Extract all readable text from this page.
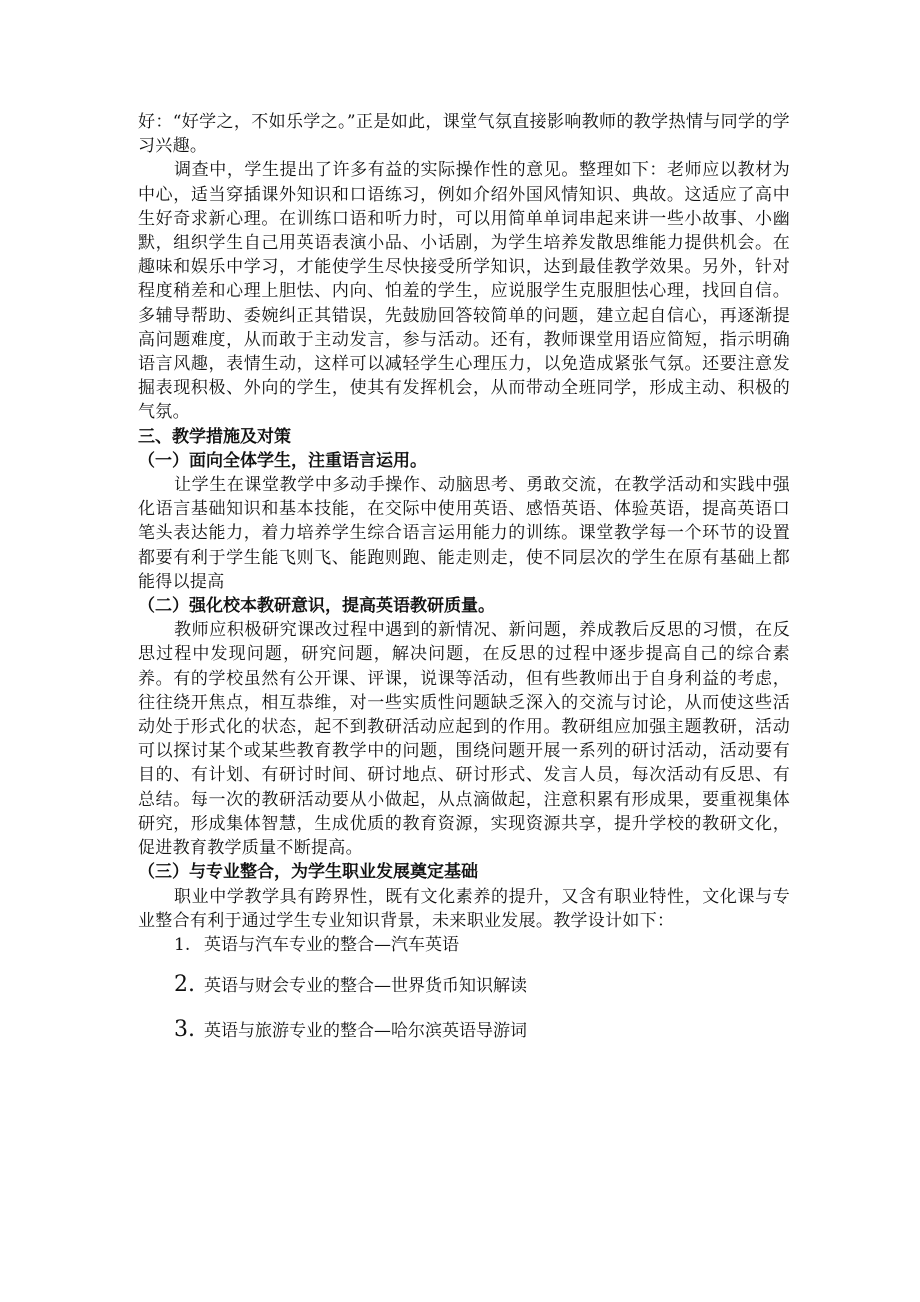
好：“好学之，不如乐学之。”正是如此，课堂气氛直接影响教师的教学热情与同学的学习兴趣。

调查中，学生提出了许多有益的实际操作性的意见。整理如下：老师应以教材为中心，适当穿插课外知识和口语练习，例如介绍外国风情知识、典故。这适应了高中生好奇求新心理。在训练口语和听力时，可以用简单单词串起来讲一些小故事、小幽默，组织学生自己用英语表演小品、小话剧，为学生培养发散思维能力提供机会。在趣味和娱乐中学习，才能使学生尽快接受所学知识，达到最佳教学效果。另外，针对程度稍差和心理上胆怯、内向、怕羞的学生，应说服学生克服胆怯心理，找回自信。多辅导帮助、委婉纠正其错误，先鼓励回答较简单的问题，建立起自信心，再逐渐提高问题难度，从而敢于主动发言，参与活动。还有，教师课堂用语应简短，指示明确语言风趣，表情生动，这样可以减轻学生心理压力，以免造成紧张气氛。还要注意发掘表现积极、外向的学生，使其有发挥机会，从而带动全班同学，形成主动、积极的气氛。

三、教学措施及对策
（一）面向全体学生，注重语言运用。

让学生在课堂教学中多动手操作、动脑思考、勇敢交流，在教学活动和实践中强化语言基础知识和基本技能，在交际中使用英语、感悟英语、体验英语，提高英语口笔头表达能力，着力培养学生综合语言运用能力的训练。课堂教学每一个环节的设置都要有利于学生能飞则飞、能跑则跑、能走则走，使不同层次的学生在原有基础上都能得以提高

（二）强化校本教研意识，提高英语教研质量。

教师应积极研究课改过程中遇到的新情况、新问题，养成教后反思的习惯，在反思过程中发现问题，研究问题，解决问题，在反思的过程中逐步提高自己的综合素养。有的学校虽然有公开课、评课，说课等活动，但有些教师出于自身利益的考虑，往往绕开焦点，相互恭维，对一些实质性问题缺乏深入的交流与讨论，从而使这些活动处于形式化的状态，起不到教研活动应起到的作用。教研组应加强主题教研，活动可以探讨某个或某些教育教学中的问题，围绕问题开展一系列的研讨活动，活动要有目的、有计划、有研讨时间、研讨地点、研讨形式、发言人员，每次活动有反思、有总结。每一次的教研活动要从小做起，从点滴做起，注意积累有形成果，要重视集体研究，形成集体智慧，生成优质的教育资源，实现资源共享，提升学校的教研文化，促进教育教学质量不断提高。

（三）与专业整合，为学生职业发展奠定基础

职业中学教学具有跨界性，既有文化素养的提升，又含有职业特性，文化课与专业整合有利于通过学生专业知识背景，未来职业发展。教学设计如下：

1. 英语与汽车专业的整合—汽车英语
2. 英语与财会专业的整合—世界货币知识解读
3. 英语与旅游专业的整合—哈尔滨英语导游词
